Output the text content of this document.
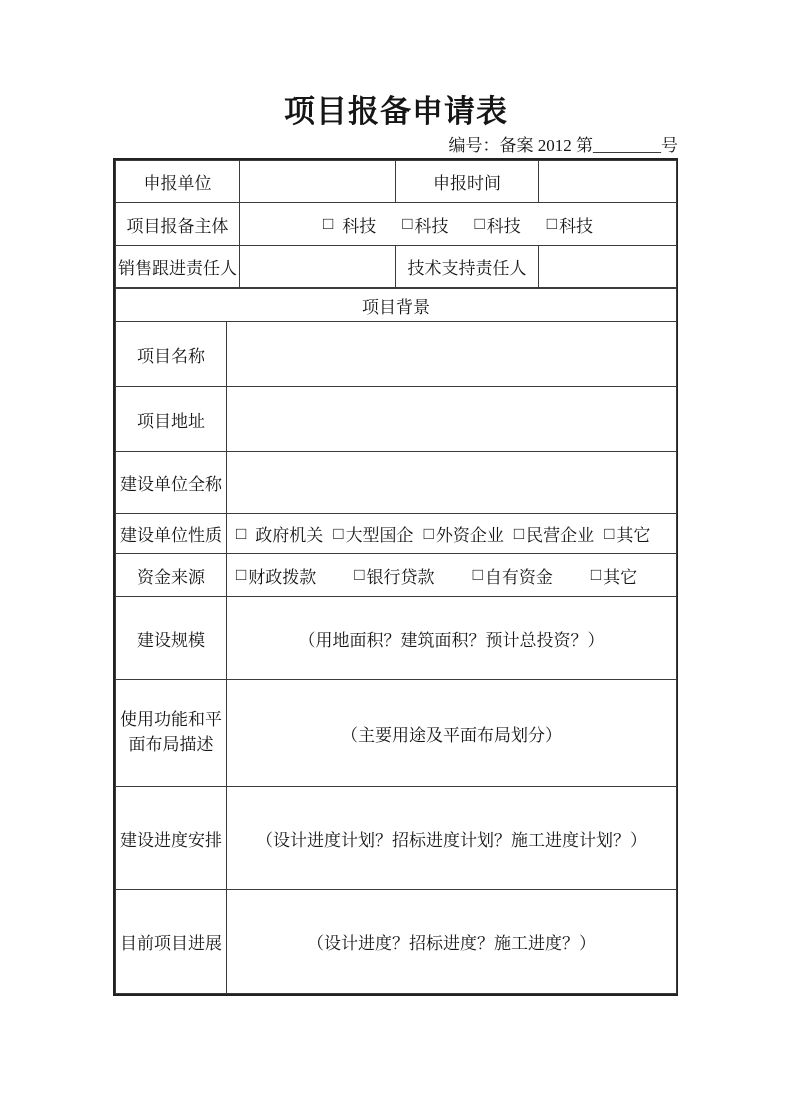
项目报备申请表
编号：备案 2012 第________号
申报单位		申报时间	
项目报备主体	□ 科技 □ 科技 □ 科技 □ 科技

销售跟进责任人		技术支持责任人	
项目背景	
项目名称	
项目地址	
建设单位全称	
建设单位性质	□ 政府机关 □ 大型国企 □ 外资企业 □ 民营企业 □ 其它

资金来源	□ 财政拨款 □ 银行贷款 □ 自有资金 □ 其它

建设规模	（用地面积？建筑面积？预计总投资？）
使用功能和平面布局描述	（主要用途及平面布局划分）
建设进度安排	（设计进度计划？招标进度计划？施工进度计划？）
目前项目进展	（设计进度？招标进度？施工进度？）
